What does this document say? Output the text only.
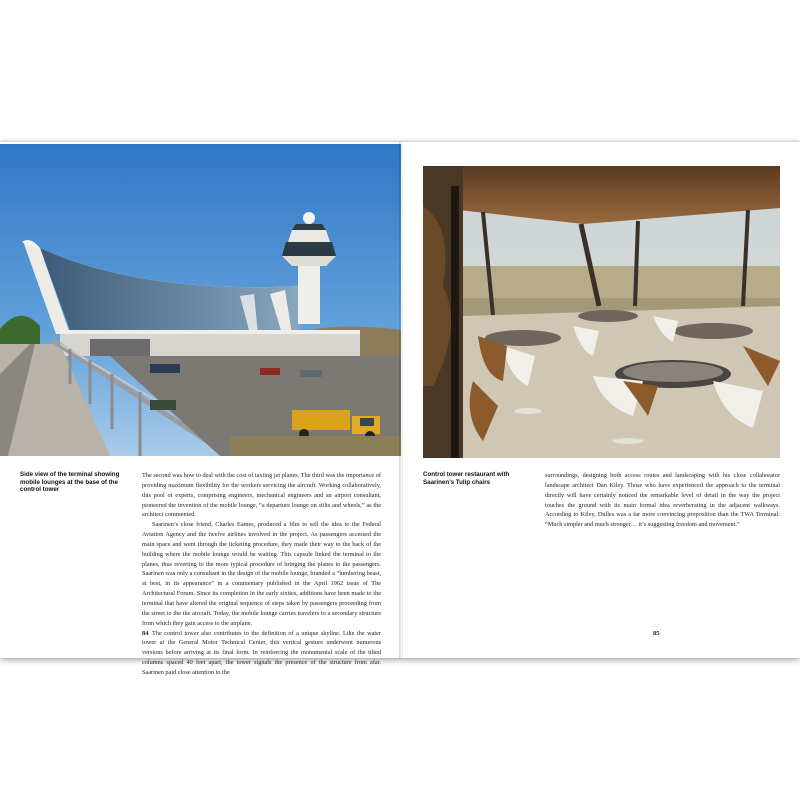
Side view of the terminal showing mobile lounges at the base of the control tower

The second was how to deal with the cost of taxiing jet planes. The third was the importance of providing maximum flexibility for the workers servicing the aircraft. Working collaboratively, this pool of experts, comprising engineers, mechanical engineers and an airport consultant, pioneered the invention of the mobile lounge, “a departure lounge on stilts and wheels,” as the architect commented.

Saarinen’s close friend, Charles Eames, produced a film to sell the idea to the Federal Aviation Agency and the twelve airlines involved in the project. As passengers accessed the main space and went through the ticketing procedure, they made their way to the back of the building where the mobile lounge would be waiting. This capsule linked the terminal to the planes, thus reverting to the more typical procedure of bringing the planes to the passengers. Saarinen was only a consultant in the design of the mobile lounge, branded a “lumbering beast, at best, in its appearance” in a commentary published in the April 1962 issue of The Architectural Forum. Since its completion in the early sixties, additions have been made to the terminal that have altered the original sequence of steps taken by passengers proceeding from the street to the the aircraft. Today, the mobile lounge carries travelers to a secondary structure from which they gain access to the airplane.

The control tower also contributes to the definition of a unique skyline. Like the water tower at the General Motor Technical Center, this vertical gesture underwent numerous versions before arriving at its final form. In reinforcing the monumental scale of the tilted columns spaced 40 feet apart, the tower signals the presence of the structure from afar. Saarinen paid close attention to the

84
Control tower restaurant with Saarinen’s Tulip chairs

surroundings, designing both access routes and landscaping with his close collaborator landscape architect Dan Kiley. Those who have experienced the approach to the terminal directly will have certainly noticed the remarkable level of detail in the way the project touches the ground with its main formal idea reverberating in the adjacent walkways. According to Kiley, Dulles was a far more convincing proposition than the TWA Terminal: “Much simpler and much stronger… it’s suggesting freedom and movement.”

85
